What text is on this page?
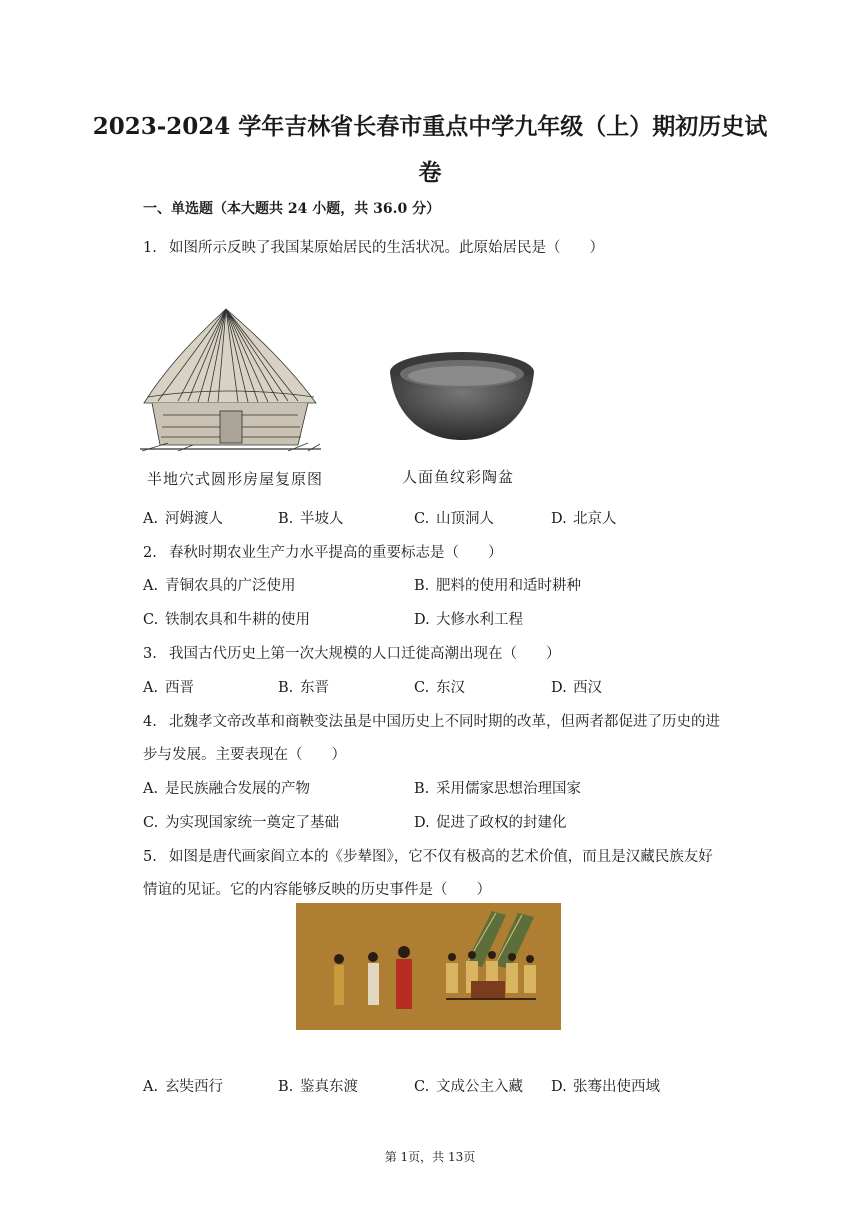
2023-2024 学年吉林省长春市重点中学九年级（上）期初历史试
卷
一、单选题（本大题共 24 小题，共 36.0 分）
1. 如图所示反映了我国某原始居民的生活状况。此原始居民是（　　）
半地穴式圆形房屋复原图	人面鱼纹彩陶盆
A. 河姆渡人	B. 半坡人	C. 山顶洞人	D. 北京人
2. 春秋时期农业生产力水平提高的重要标志是（　　）
A. 青铜农具的广泛使用	B. 肥料的使用和适时耕种
C. 铁制农具和牛耕的使用	D. 大修水利工程
3. 我国古代历史上第一次大规模的人口迁徙高潮出现在（　　）
A. 西晋	B. 东晋	C. 东汉	D. 西汉
4. 北魏孝文帝改革和商鞅变法虽是中国历史上不同时期的改革，但两者都促进了历史的进
步与发展。主要表现在（　　）
A. 是民族融合发展的产物	B. 采用儒家思想治理国家
C. 为实现国家统一奠定了基础	D. 促进了政权的封建化
5. 如图是唐代画家阎立本的《步辇图》，它不仅有极高的艺术价值，而且是汉藏民族友好
情谊的见证。它的内容能够反映的历史事件是（　　）
A. 玄奘西行	B. 鉴真东渡	C. 文成公主入藏 D. 张骞出使西域
第 1页，共 13页
